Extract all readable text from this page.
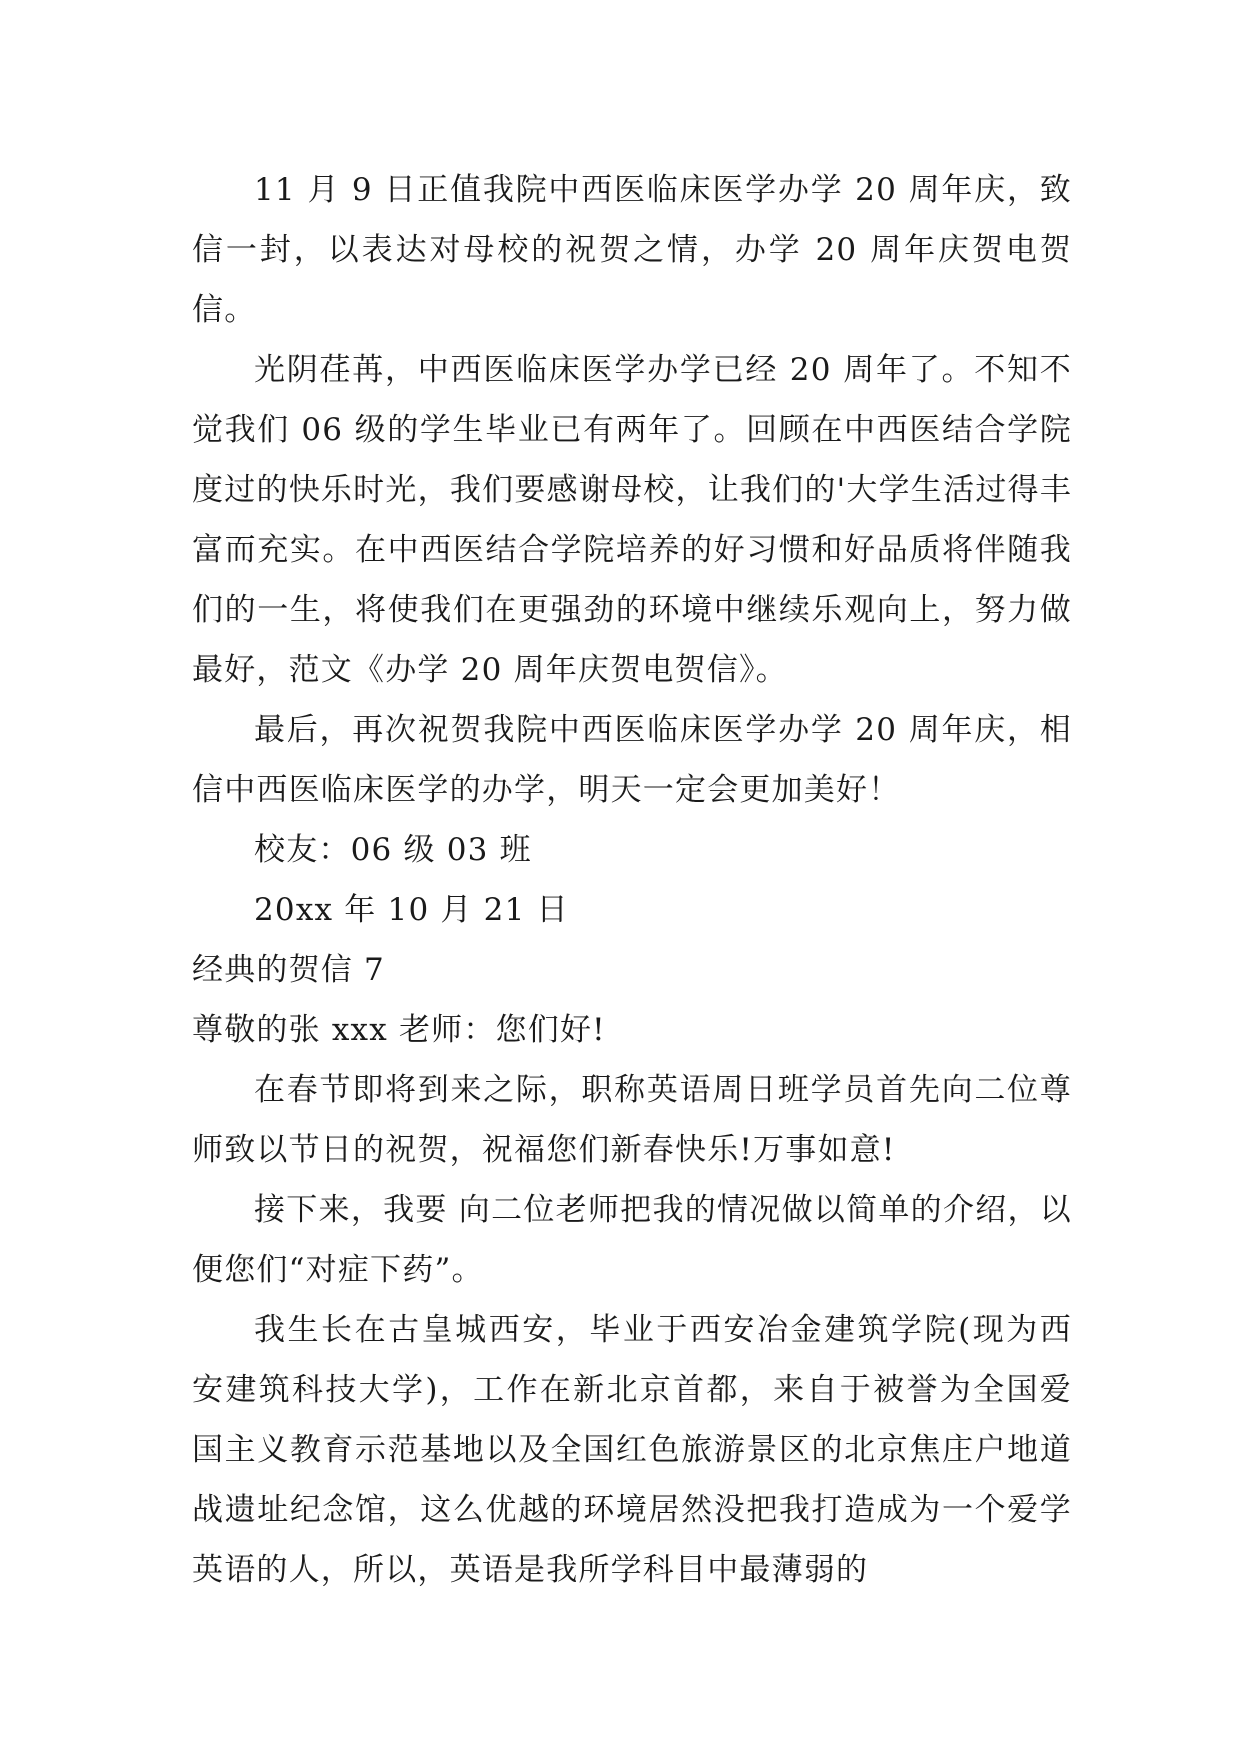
11 月 9 日正值我院中西医临床医学办学 20 周年庆，致信一封，以表达对母校的祝贺之情，办学 20 周年庆贺电贺信。

光阴荏苒，中西医临床医学办学已经 20 周年了。不知不觉我们 06 级的学生毕业已有两年了。回顾在中西医结合学院度过的快乐时光，我们要感谢母校，让我们的'大学生活过得丰富而充实。在中西医结合学院培养的好习惯和好品质将伴随我们的一生，将使我们在更强劲的环境中继续乐观向上，努力做最好，范文《办学 20 周年庆贺电贺信》。

最后，再次祝贺我院中西医临床医学办学 20 周年庆，相信中西医临床医学的办学，明天一定会更加美好！

校友：06 级 03 班

20xx 年 10 月 21 日

经典的贺信 7

尊敬的张 xxx 老师：您们好!

在春节即将到来之际，职称英语周日班学员首先向二位尊师致以节日的祝贺，祝福您们新春快乐!万事如意!

接下来，我要 向二位老师把我的情况做以简单的介绍，以便您们“对症下药”。

我生长在古皇城西安，毕业于西安冶金建筑学院(现为西安建筑科技大学)，工作在新北京首都，来自于被誉为全国爱国主义教育示范基地以及全国红色旅游景区的北京焦庄户地道战遗址纪念馆，这么优越的环境居然没把我打造成为一个爱学英语的人，所以，英语是我所学科目中最薄弱的
